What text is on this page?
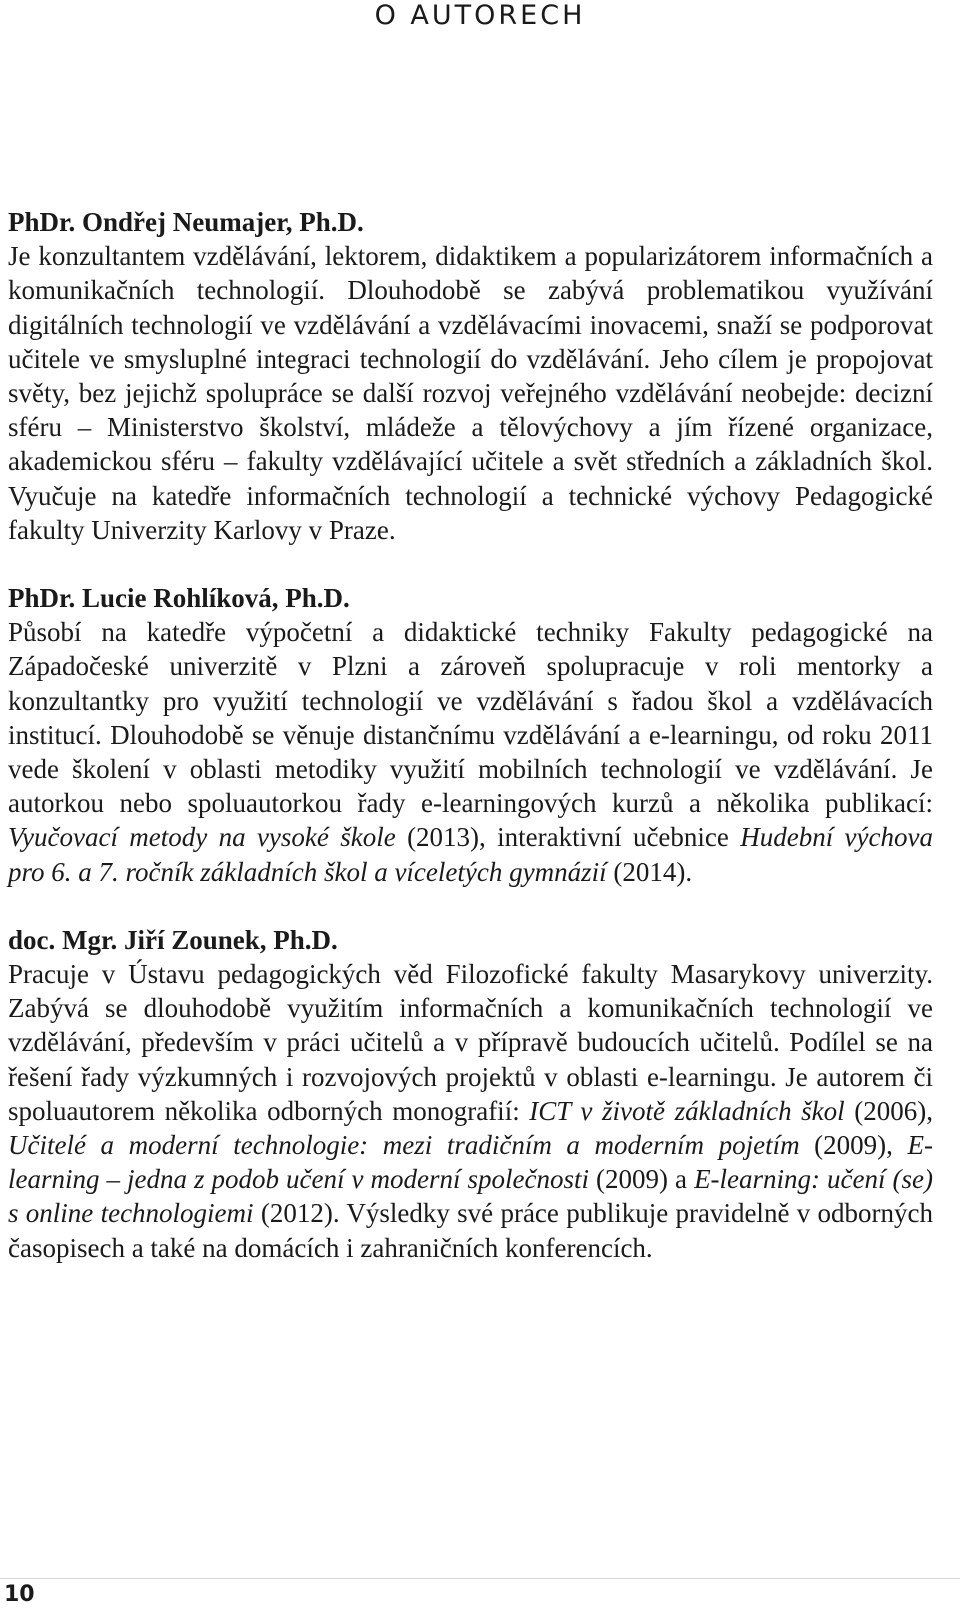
O AUTORECH
PhDr. Ondřej Neumajer, Ph.D.

Je konzultantem vzdělávání, lektorem, didaktikem a popularizátorem informačních a komunikačních technologií. Dlouhodobě se zabývá problematikou využívání digitálních technologií ve vzdělávání a vzdělávacími inovacemi, snaží se podporovat učitele ve smysluplné integraci technologií do vzdělávání. Jeho cílem je propojovat světy, bez jejichž spolupráce se další rozvoj veřejného vzdělávání neobejde: decizní sféru – Ministerstvo školství, mládeže a tělovýchovy a jím řízené organizace, akademickou sféru – fakulty vzdělávající učitele a svět středních a základních škol. Vyučuje na katedře informačních technologií a technické výchovy Pedagogické fakulty Univerzity Karlovy v Praze.

PhDr. Lucie Rohlíková, Ph.D.

Působí na katedře výpočetní a didaktické techniky Fakulty pedagogické na Západočeské univerzitě v Plzni a zároveň spolupracuje v roli mentorky a konzultantky pro využití technologií ve vzdělávání s řadou škol a vzdělávacích institucí. Dlouhodobě se věnuje distančnímu vzdělávání a e-learningu, od roku 2011 vede školení v oblasti metodiky využití mobilních technologií ve vzdělávání. Je autorkou nebo spoluautorkou řady e-learningových kurzů a několika publikací: Vyučovací metody na vysoké škole (2013), interaktivní učebnice Hudební výchova pro 6. a 7. ročník základních škol a víceletých gymnázií (2014).

doc. Mgr. Jiří Zounek, Ph.D.

Pracuje v Ústavu pedagogických věd Filozofické fakulty Masarykovy univerzity. Zabývá se dlouhodobě využitím informačních a komunikačních technologií ve vzdělávání, především v práci učitelů a v přípravě budoucích učitelů. Podílel se na řešení řady výzkumných i rozvojových projektů v oblasti e-learningu. Je autorem či spoluautorem několika odborných monografií: ICT v životě základních škol (2006), Učitelé a moderní technologie: mezi tradičním a moderním pojetím (2009), E-learning – jedna z podob učení v moderní společnosti (2009) a E-learning: učení (se) s online technologiemi (2012). Výsledky své práce publikuje pravidelně v odborných časopisech a také na domácích i zahraničních konferencích.

10
